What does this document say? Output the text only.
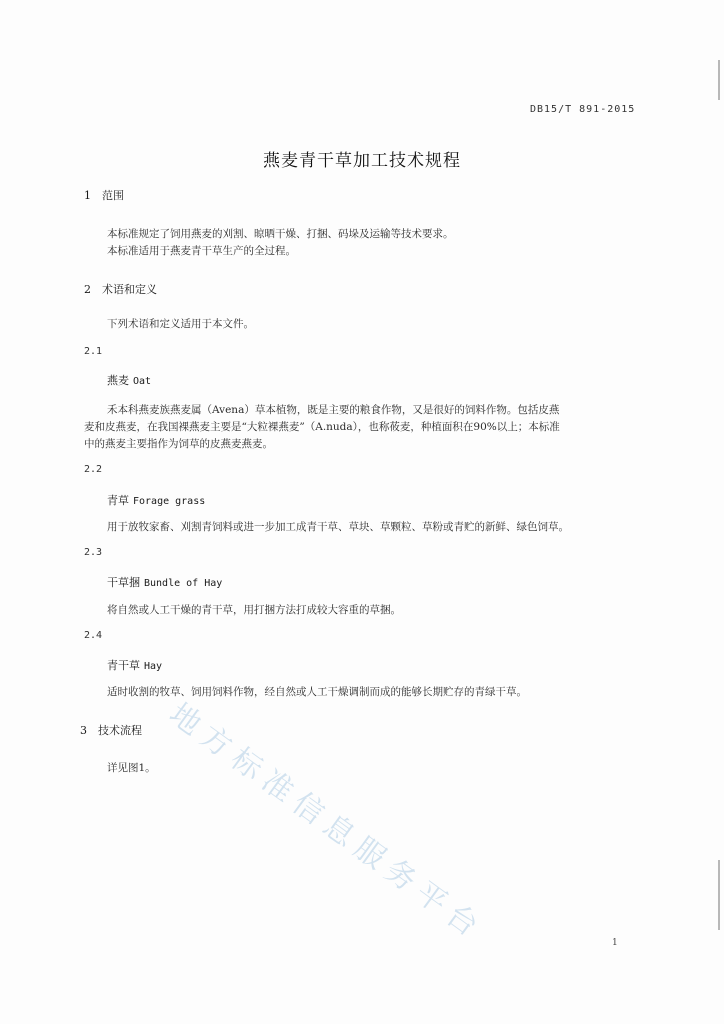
DB15/T 891-2015
燕麦青干草加工技术规程
1 范围

本标准规定了饲用燕麦的刈割、晾晒干燥、打捆、码垛及运输等技术要求。

本标准适用于燕麦青干草生产的全过程。

2 术语和定义
下列术语和定义适用于本文件。
2.1
燕麦 Oat

禾本科燕麦族燕麦属（Avena）草本植物，既是主要的粮食作物，又是很好的饲料作物。包括皮燕

麦和皮燕麦，在我国裸燕麦主要是“大粒裸燕麦”（A.nuda），也称莜麦，种植面积在90%以上；本标准

中的燕麦主要指作为饲草的皮燕麦燕麦。

2.2
青草 Forage grass
用于放牧家畜、刈割青饲料或进一步加工成青干草、草块、草颗粒、草粉或青贮的新鲜、绿色饲草。
2.3
干草捆 Bundle of Hay
将自然或人工干燥的青干草，用打捆方法打成较大容重的草捆。
2.4
青干草 Hay
适时收割的牧草、饲用饲料作物，经自然或人工干燥调制而成的能够长期贮存的青绿干草。
3 技术流程
详见图1。 地方标准信息服务平台	1
